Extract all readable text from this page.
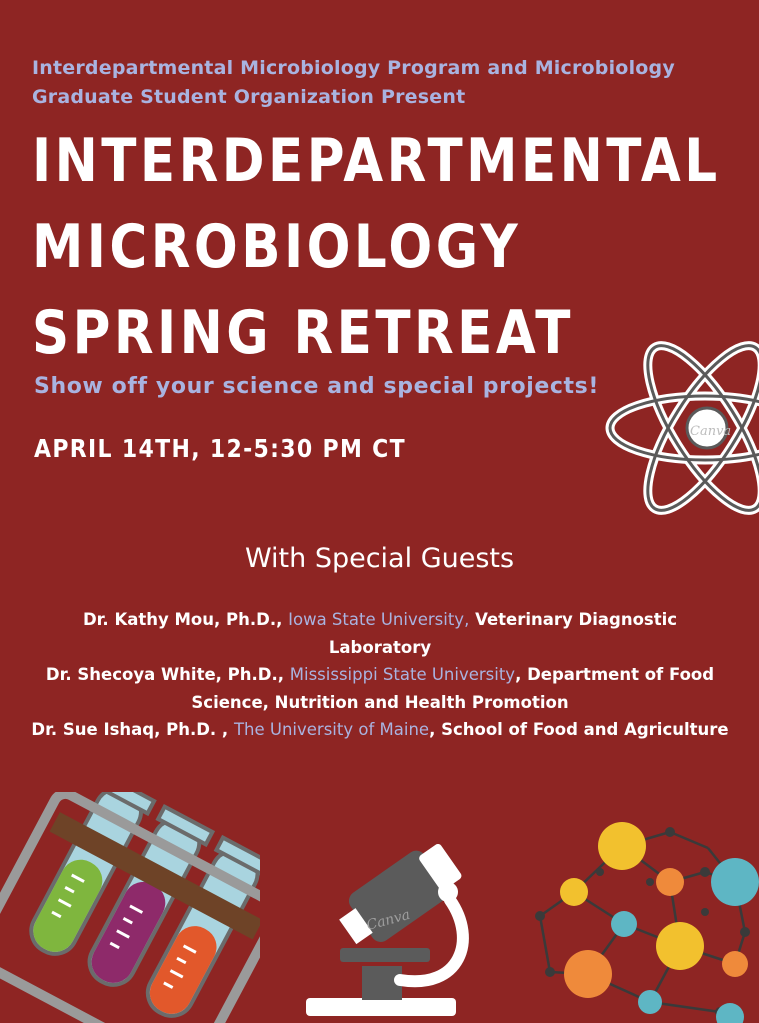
Interdepartmental Microbiology Program and Microbiology Graduate Student Organization Present
INTERDEPARTMENTAL
MICROBIOLOGY
SPRING RETREAT
Show off your science and special projects!
APRIL 14TH, 12-5:30 PM CT
With Special Guests
Dr. Kathy Mou, Ph.D., Iowa State University, Veterinary Diagnostic Laboratory
Dr. Shecoya White, Ph.D., Mississippi State University, Department of Food Science, Nutrition and Health Promotion
Dr. Sue Ishaq, Ph.D. , The University of Maine, School of Food and Agriculture
Canva
Canva
